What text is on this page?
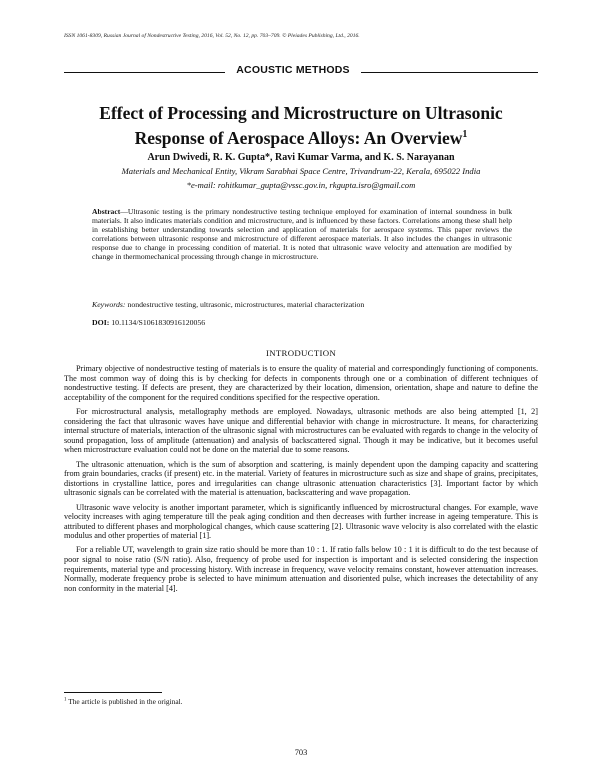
ISSN 1061-8309, Russian Journal of Nondestructive Testing, 2016, Vol. 52, No. 12, pp. 703–709. © Pleiades Publishing, Ltd., 2016.
ACOUSTIC METHODS
Effect of Processing and Microstructure on Ultrasonic Response of Aerospace Alloys: An Overview$^1$
Arun Dwivedi, R. K. Gupta*, Ravi Kumar Varma, and K. S. Narayanan
Materials and Mechanical Entity, Vikram Sarabhai Space Centre, Trivandrum-22, Kerala, 695022 India
*e-mail: rohitkumar_gupta@vssc.gov.in, rkgupta.isro@gmail.com
Abstract—Ultrasonic testing is the primary nondestructive testing technique employed for examination of internal soundness in bulk materials. It also indicates materials condition and microstructure, and is influenced by these factors. Correlations among these shall help in establishing better understanding towards selection and application of materials for aerospace systems. This paper reviews the correlations between ultrasonic response and microstructure of different aerospace materials. It also includes the changes in ultrasonic response due to change in processing condition of material. It is noted that ultrasonic wave velocity and attenuation are modified by change in thermomechanical processing through change in microstructure.
Keywords: nondestructive testing, ultrasonic, microstructures, material characterization
DOI: 10.1134/S1061830916120056
INTRODUCTION

Primary objective of nondestructive testing of materials is to ensure the quality of material and correspondingly functioning of components. The most common way of doing this is by checking for defects in components through one or a combination of different techniques of nondestructive testing. If defects are present, they are characterized by their location, dimension, orientation, shape and nature to define the acceptability of the component for the required conditions specified for the respective operation.

For microstructural analysis, metallography methods are employed. Nowadays, ultrasonic methods are also being attempted [1, 2] considering the fact that ultrasonic waves have unique and differential behavior with change in microstructure. It means, for characterizing internal structure of materials, interaction of the ultrasonic signal with microstructures can be evaluated with regards to change in the velocity of sound propagation, loss of amplitude (attenuation) and analysis of backscattered signal. Though it may be indicative, but it becomes useful when microstructure evaluation could not be done on the material due to some reasons.

The ultrasonic attenuation, which is the sum of absorption and scattering, is mainly dependent upon the damping capacity and scattering from grain boundaries, cracks (if present) etc. in the material. Variety of features in microstructure such as size and shape of grains, precipitates, distortions in crystalline lattice, pores and irregularities can change ultrasonic attenuation characteristics [3]. Important factor by which ultrasonic signals can be correlated with the material is attenuation, backscattering and wave propagation.

Ultrasonic wave velocity is another important parameter, which is significantly influenced by microstructural changes. For example, wave velocity increases with aging temperature till the peak aging condition and then decreases with further increase in ageing temperature. This is attributed to different phases and morphological changes, which cause scattering [2]. Ultrasonic wave velocity is also correlated with the elastic modulus and other properties of material [1].

For a reliable UT, wavelength to grain size ratio should be more than 10 : 1. If ratio falls below 10 : 1 it is difficult to do the test because of poor signal to noise ratio (S/N ratio). Also, frequency of probe used for inspection is important and is selected considering the inspection requirements, material type and processing history. With increase in frequency, wave velocity remains constant, however attenuation increases. Normally, moderate frequency probe is selected to have minimum attenuation and disoriented pulse, which increases the detectability of any non conformity in the material [4].

$^1$ The article is published in the original.
703
